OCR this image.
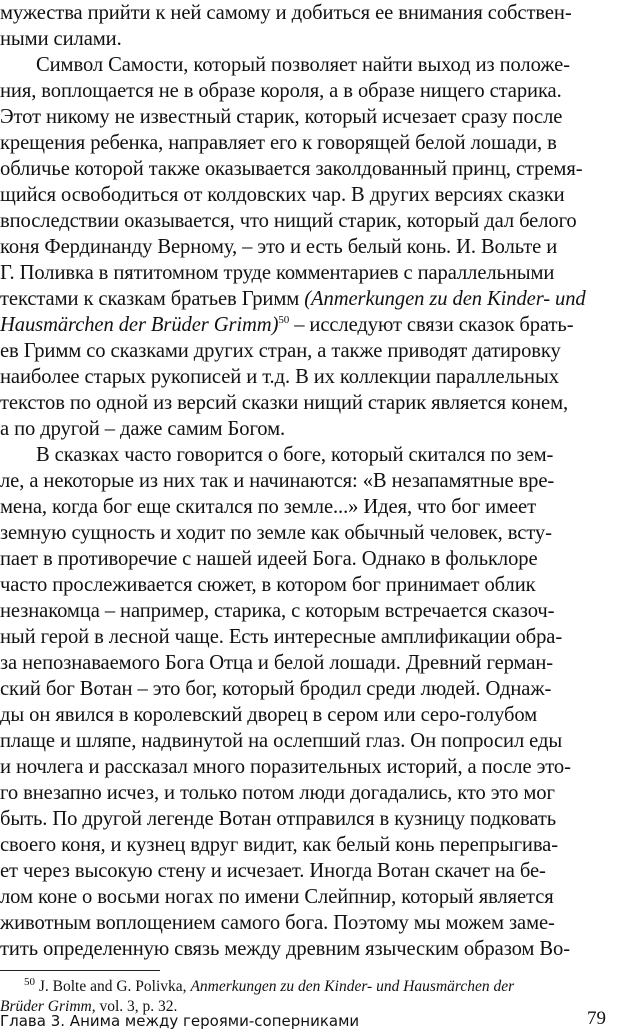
мужества прийти к ней самому и добиться ее внимания собствен-
ными силами.
Символ Самости, который позволяет найти выход из положе-
ния, воплощается не в образе короля, а в образе нищего старика.
Этот никому не известный старик, который исчезает сразу после
крещения ребенка, направляет его к говорящей белой лошади, в
обличье которой также оказывается заколдованный принц, стремя-
щийся освободиться от колдовских чар. В других версиях сказки
впоследствии оказывается, что нищий старик, который дал белого
коня Фердинанду Верному, – это и есть белый конь. И. Вольте и
Г. Поливка в пятитомном труде комментариев с параллельными
текстами к сказкам братьев Гримм (Anmerkungen zu den Kinder- und
Hausmärchen der Brüder Grimm)$^{50}$ – исследуют связи сказок брать-
ев Гримм со сказками других стран, а также приводят датировку
наиболее старых рукописей и т.д. В их коллекции параллельных
текстов по одной из версий сказки нищий старик является конем,
а по другой – даже самим Богом.
В сказках часто говорится о боге, который скитался по зем-
ле, а некоторые из них так и начинаются: «В незапамятные вре-
мена, когда бог еще скитался по земле...» Идея, что бог имеет
земную сущность и ходит по земле как обычный человек, всту-
пает в противоречие с нашей идеей Бога. Однако в фольклоре
часто прослеживается сюжет, в котором бог принимает облик
незнакомца – например, старика, с которым встречается сказоч-
ный герой в лесной чаще. Есть интересные амплификации обра-
за непознаваемого Бога Отца и белой лошади. Древний герман-
ский бог Вотан – это бог, который бродил среди людей. Однаж-
ды он явился в королевский дворец в сером или серо-голубом
плаще и шляпе, надвинутой на ослепший глаз. Он попросил еды
и ночлега и рассказал много поразительных историй, а после это-
го внезапно исчез, и только потом люди догадались, кто это мог
быть. По другой легенде Вотан отправился в кузницу подковать
своего коня, и кузнец вдруг видит, как белый конь перепрыгива-
ет через высокую стену и исчезает. Иногда Вотан скачет на бе-
лом коне о восьми ногах по имени Слейпнир, который является
животным воплощением самого бога. Поэтому мы можем заме-
тить определенную связь между древним языческим образом Во-
$^{50}$ J. Bolte and G. Polivka, Anmerkungen zu den Kinder- und Hausmärchen der
Brüder Grimm, vol. 3, p. 32.
Глава 3. Анима между героями-соперниками	79
